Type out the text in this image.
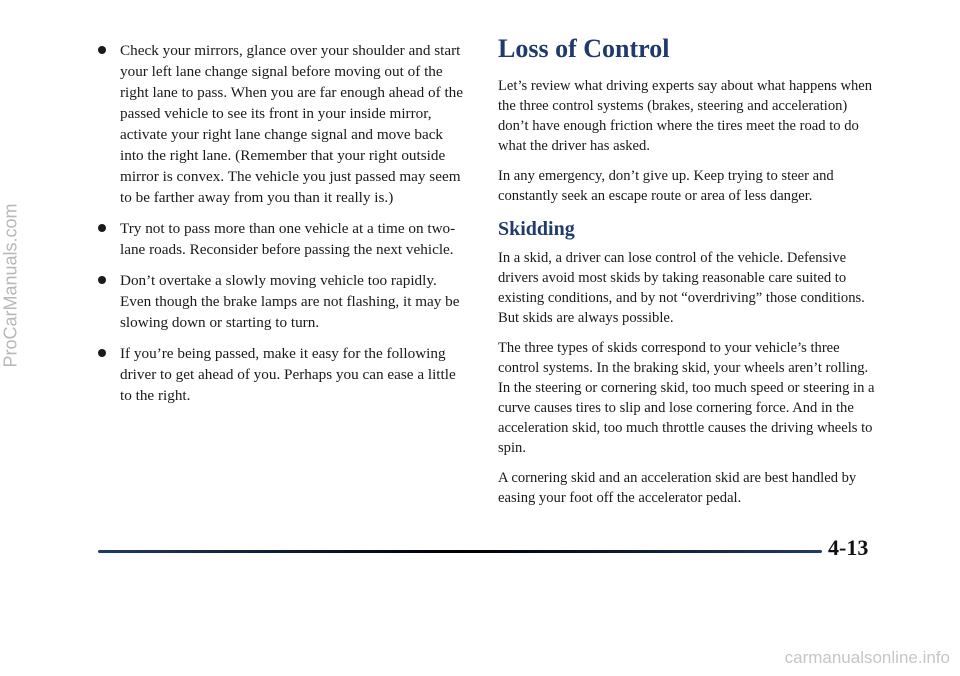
ProCarManuals.com
Check your mirrors, glance over your shoulder and start your left lane change signal before moving out of the right lane to pass. When you are far enough ahead of the passed vehicle to see its front in your inside mirror, activate your right lane change signal and move back into the right lane. (Remember that your right outside mirror is convex. The vehicle you just passed may seem to be farther away from you than it really is.)
Try not to pass more than one vehicle at a time on two-lane roads. Reconsider before passing the next vehicle.
Don’t overtake a slowly moving vehicle too rapidly. Even though the brake lamps are not flashing, it may be slowing down or starting to turn.
If you’re being passed, make it easy for the following driver to get ahead of you. Perhaps you can ease a little to the right.
Loss of Control

Let’s review what driving experts say about what happens when the three control systems (brakes, steering and acceleration) don’t have enough friction where the tires meet the road to do what the driver has asked.

In any emergency, don’t give up. Keep trying to steer and constantly seek an escape route or area of less danger.

Skidding

In a skid, a driver can lose control of the vehicle. Defensive drivers avoid most skids by taking reasonable care suited to existing conditions, and by not “overdriving” those conditions. But skids are always possible.

The three types of skids correspond to your vehicle’s three control systems. In the braking skid, your wheels aren’t rolling. In the steering or cornering skid, too much speed or steering in a curve causes tires to slip and lose cornering force. And in the acceleration skid, too much throttle causes the driving wheels to spin.

A cornering skid and an acceleration skid are best handled by easing your foot off the accelerator pedal.

4-13
carmanualsonline.info
